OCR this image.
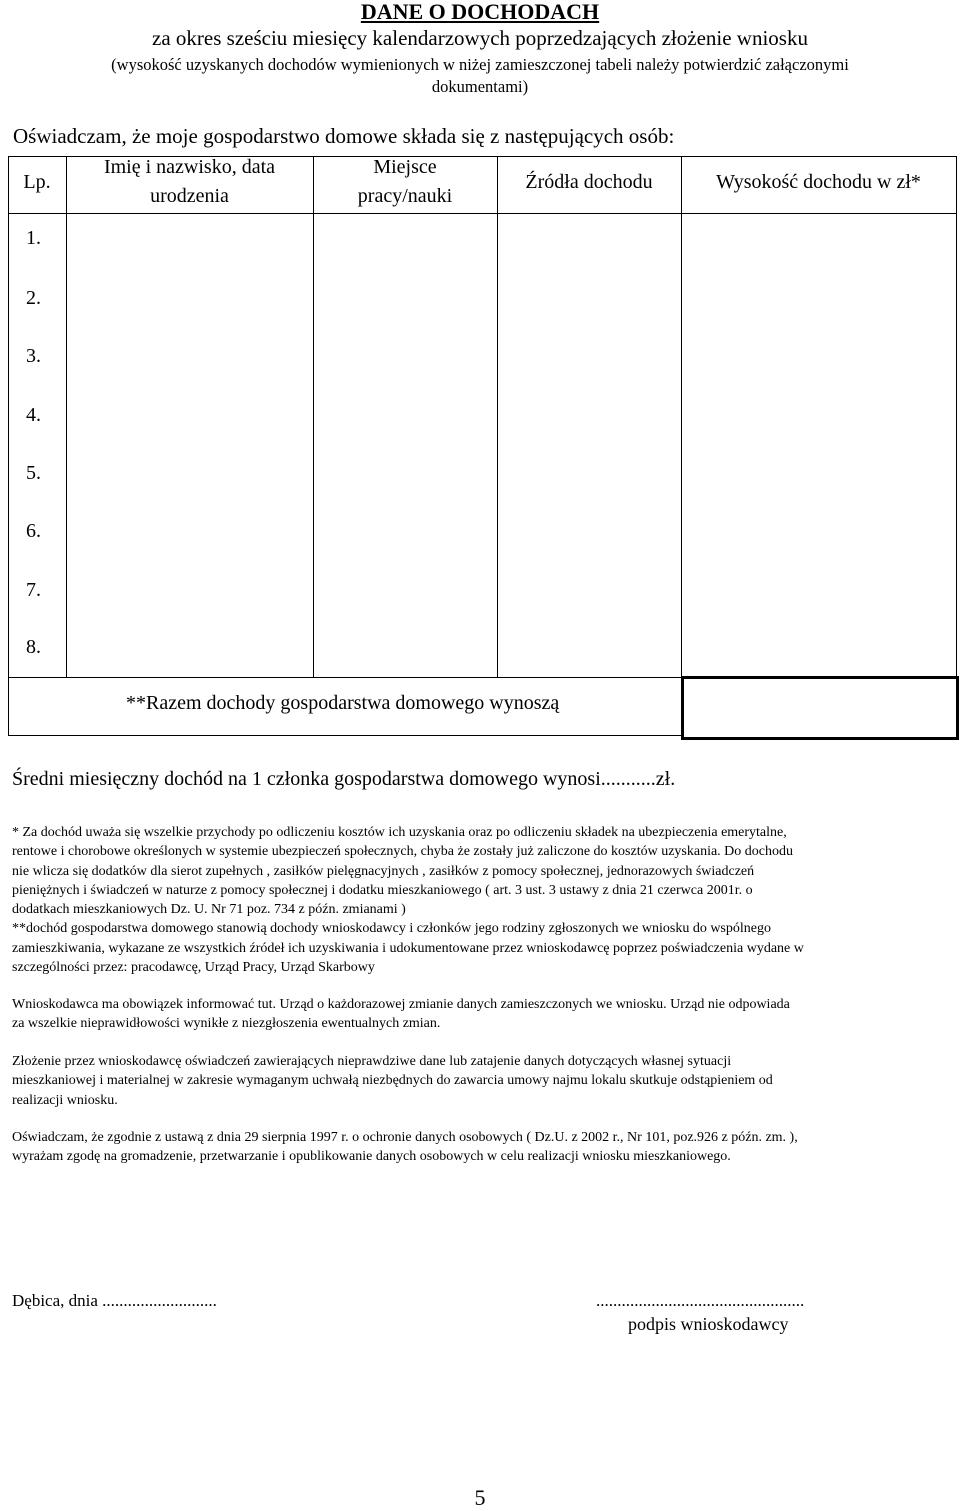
DANE O DOCHODACH
za okres sześciu miesięcy kalendarzowych poprzedzających złożenie wniosku
(wysokość uzyskanych dochodów wymienionych w niżej zamieszczonej tabeli należy potwierdzić załączonymi
dokumentami)
Oświadczam, że moje gospodarstwo domowe składa się z następujących osób:
Lp.
Imię i nazwisko, data
urodzenia
Miejsce
pracy/nauki
Źródła dochodu	Wysokość dochodu w zł*
1.
2.
3.
4.
5.
6.
7.
8.
**Razem dochody gospodarstwa domowego wynoszą
Średni miesięczny dochód na 1 członka gospodarstwa domowego wynosi...........zł.
* Za dochód uważa się wszelkie przychody po odliczeniu kosztów ich uzyskania oraz po odliczeniu składek na ubezpieczenia emerytalne,
rentowe i chorobowe określonych w systemie ubezpieczeń społecznych, chyba że zostały już zaliczone do kosztów uzyskania. Do dochodu
nie wlicza się dodatków dla sierot zupełnych , zasiłków pielęgnacyjnych , zasiłków z pomocy społecznej, jednorazowych świadczeń
pieniężnych i świadczeń w naturze z pomocy społecznej i dodatku mieszkaniowego ( art. 3 ust. 3 ustawy z dnia 21 czerwca 2001r. o
dodatkach mieszkaniowych Dz. U. Nr 71 poz. 734 z późn. zmianami )
**dochód gospodarstwa domowego stanowią dochody wnioskodawcy i członków jego rodziny zgłoszonych we wniosku do wspólnego
zamieszkiwania, wykazane ze wszystkich źródeł ich uzyskiwania i udokumentowane przez wnioskodawcę poprzez poświadczenia wydane w
szczególności przez: pracodawcę, Urząd Pracy, Urząd Skarbowy
Wnioskodawca ma obowiązek informować tut. Urząd o każdorazowej zmianie danych zamieszczonych we wniosku. Urząd nie odpowiada
za wszelkie nieprawidłowości wynikłe z niezgłoszenia ewentualnych zmian.
Złożenie przez wnioskodawcę oświadczeń zawierających nieprawdziwe dane lub zatajenie danych dotyczących własnej sytuacji
mieszkaniowej i materialnej w zakresie wymaganym uchwałą niezbędnych do zawarcia umowy najmu lokalu skutkuje odstąpieniem od
realizacji wniosku.
Oświadczam, że zgodnie z ustawą z dnia 29 sierpnia 1997 r. o ochronie danych osobowych ( Dz.U. z 2002 r., Nr 101, poz.926 z późn. zm. ),
wyrażam zgodę na gromadzenie, przetwarzanie i opublikowanie danych osobowych w celu realizacji wniosku mieszkaniowego.
Dębica, dnia ...........................	.................................................
podpis wnioskodawcy
5
